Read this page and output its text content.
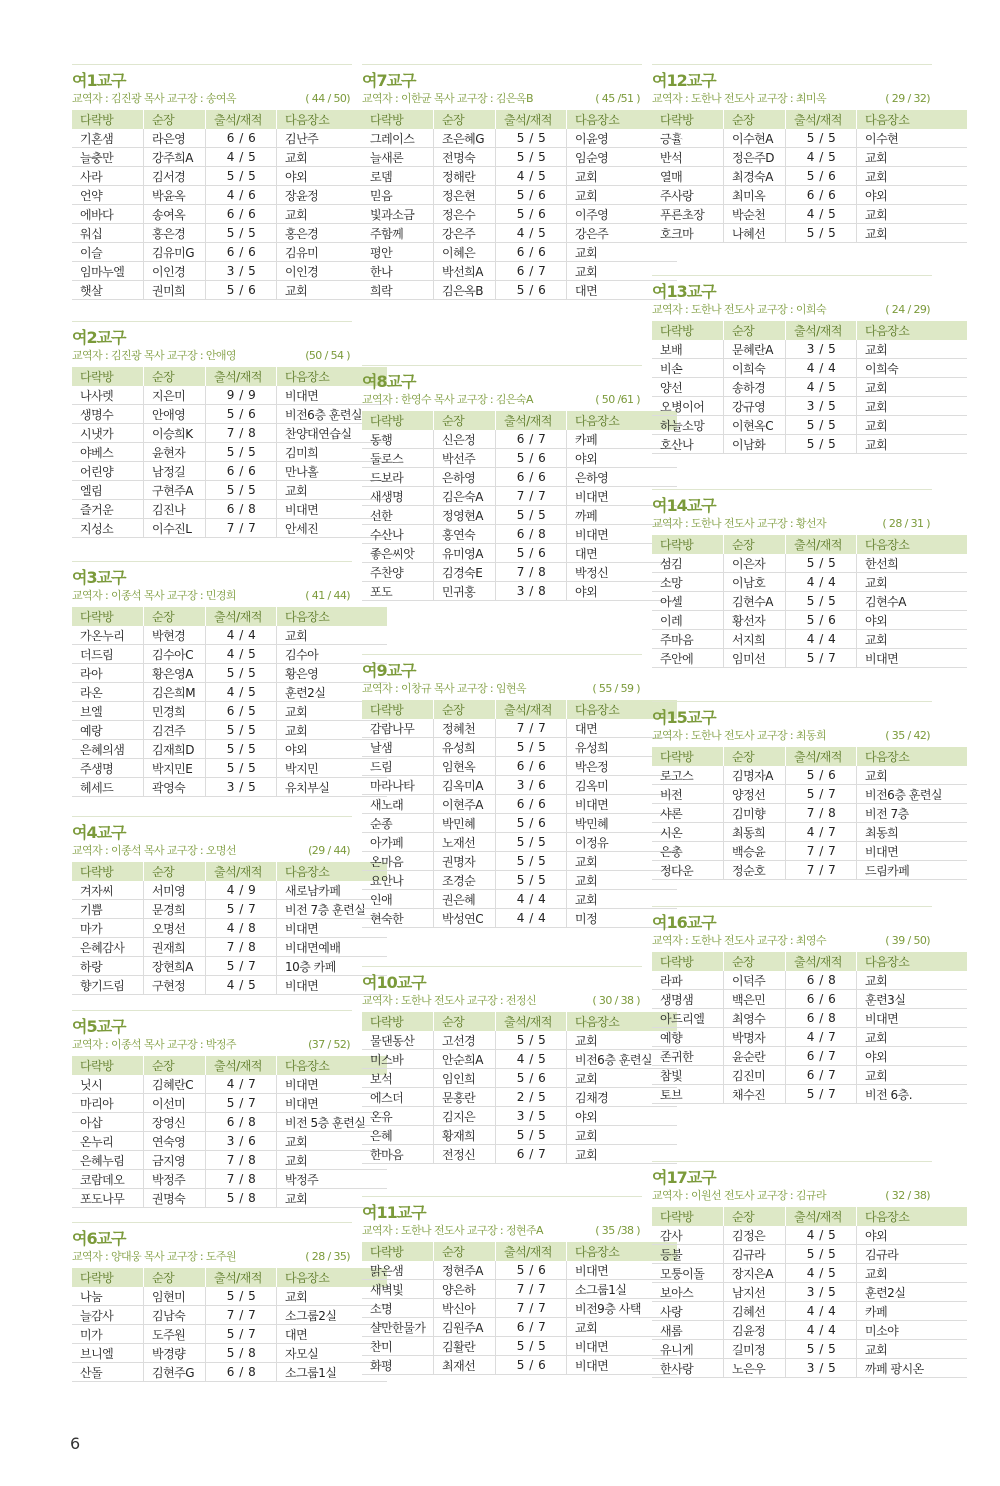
여1교구
교역자 : 김진광 목사 교구장 : 송여옥	( 44 / 50)
다락방	순장	출석/재적	다음장소
기혼샘	라은영	6 / 6	김난주
늘충만	강주희A	4 / 5	교회
사라	김서경	5 / 5	야외
언약	박윤옥	4 / 6	장윤정
에바다	송여옥	6 / 6	교회
워십	홍은경	5 / 5	홍은경
이슬	김유미G	6 / 6	김유미
임마누엘	이인경	3 / 5	이인경
햇살	권미희	5 / 6	교회
여2교구
교역자 : 김진광 목사 교구장 : 안애영	(50 / 54 )
다락방	순장	출석/재적	다음장소
나사렛	지은미	9 / 9	비대면
생명수	안애영	5 / 6	비전6층 훈련실
시냇가	이승희K	7 / 8	찬양대연습실
야베스	윤현자	5 / 5	김미희
어린양	남정길	6 / 6	만나홀
엘림	구현주A	5 / 5	교회
즐거운	김진나	6 / 8	비대면
지성소	이수진L	7 / 7	안세진
여3교구
교역자 : 이종석 목사 교구장 : 민경희	( 41 / 44)
다락방	순장	출석/재적	다음장소
가온누리	박현경	4 / 4	교회
더드림	김수아C	4 / 5	김수아
라아	황은영A	5 / 5	황은영
라온	김은희M	4 / 5	훈련2실
브엘	민경희	6 / 5	교회
예랑	김견주	5 / 5	교회
은혜의샘	김재희D	5 / 5	야외
주생명	박지민E	5 / 5	박지민
헤세드	곽영숙	3 / 5	유치부실
여4교구
교역자 : 이종석 목사 교구장 : 오명선	(29 / 44)
다락방	순장	출석/재적	다음장소
겨자씨	서미영	4 / 9	새로남카페
기쁨	문경희	5 / 7	비전 7층 훈련실
마가	오명선	4 / 8	비대면
은혜감사	권재희	7 / 8	비대면예배
하랑	장현희A	5 / 7	10층 카페
향기드림	구현정	4 / 5	비대면
여5교구
교역자 : 이종석 목사 교구장 : 박정주	(37 / 52)
다락방	순장	출석/재적	다음장소
닛시	김혜란C	4 / 7	비대면
마리아	이선미	5 / 7	비대면
아삽	장영신	6 / 8	비전 5층 훈련실
온누리	연숙영	3 / 6	교회
은혜누림	금지영	7 / 8	교회
코람데오	박정주	7 / 8	박정주
포도나무	권명숙	5 / 8	교회
여6교구
교역자 : 양대웅 목사 교구장 : 도주원	( 28 / 35)
다락방	순장	출석/재적	다음장소
나눔	임현미	5 / 5	교회
늘감사	김남숙	7 / 7	소그룹2실
미가	도주원	5 / 7	대면
브니엘	박경량	5 / 8	자모실
산돌	김현주G	6 / 8	소그룹1실
여7교구
교역자 : 이한균 목사 교구장 : 김은옥B	( 45 /51 )
다락방	순장	출석/재적	다음장소
그레이스	조은혜G	5 / 5	이윤영
늘새론	전명숙	5 / 5	임순영
로뎀	정해란	4 / 5	교회
믿음	정은현	5 / 6	교회
빛과소금	정은수	5 / 6	이주영
주함께	강은주	4 / 5	강은주
평안	이혜은	6 / 6	교회
한나	박선희A	6 / 7	교회
희락	김은옥B	5 / 6	대면
여8교구
교역자 : 한영수 목사 교구장 : 김은숙A	( 50 /61 )
다락방	순장	출석/재적	다음장소
동행	신은정	6 / 7	카페
둘로스	박선주	5 / 6	야외
드보라	은하영	6 / 6	은하영
새생명	김은숙A	7 / 7	비대면
선한	정영현A	5 / 5	까페
수산나	홍연숙	6 / 8	비대면
좋은씨앗	유미영A	5 / 6	대면
주찬양	김경숙E	7 / 8	박정신
포도	민귀홍	3 / 8	야외
여9교구
교역자 : 이창규 목사 교구장 : 임현옥	( 55 / 59 )
다락방	순장	출석/재적	다음장소
감람나무	정혜천	7 / 7	대면
날샘	유성희	5 / 5	유성희
드림	임현옥	6 / 6	박은정
마라나타	김옥미A	3 / 6	김옥미
새노래	이현주A	6 / 6	비대면
순종	박민혜	5 / 6	박민혜
아가페	노재선	5 / 5	이정유
온마음	권명자	5 / 5	교회
요안나	조경순	5 / 5	교회
인애	권은혜	4 / 4	교회
현숙한	박성연C	4 / 4	미정
여10교구
교역자 : 도한나 전도사 교구장 : 전정신	( 30 / 38 )
다락방	순장	출석/재적	다음장소
물댄동산	고선경	5 / 5	교회
미스바	안순희A	4 / 5	비전6층 훈련실
보석	임인희	5 / 6	교회
에스더	문홍란	2 / 5	김채경
온유	김지은	3 / 5	야외
은혜	황재희	5 / 5	교회
한마음	전정신	6 / 7	교회
여11교구
교역자 : 도한나 전도사 교구장 : 정현주A	( 35 /38 )
다락방	순장	출석/재적	다음장소
맑은샘	정현주A	5 / 6	비대면
새벽빛	양은하	7 / 7	소그룹1실
소명	박신아	7 / 7	비전9층 사택
샬만한물가	김원주A	6 / 7	교회
찬미	김활란	5 / 5	비대면
화평	최재선	5 / 6	비대면
여12교구
교역자 : 도한나 전도사 교구장 : 최미옥	( 29 / 32)
다락방	순장	출석/재적	다음장소
긍휼	이수현A	5 / 5	이수현
반석	정은주D	4 / 5	교회
열매	최경숙A	5 / 6	교회
주사랑	최미옥	6 / 6	야외
푸른초장	박순천	4 / 5	교회
호크마	나혜선	5 / 5	교회
여13교구
교역자 : 도한나 전도사 교구장 : 이희숙	( 24 / 29)
다락방	순장	출석/재적	다음장소
보배	문혜란A	3 / 5	교회
비손	이희숙	4 / 4	이희숙
양선	송하경	4 / 5	교회
오병이어	강규영	3 / 5	교회
하늘소망	이현옥C	5 / 5	교회
호산나	이남화	5 / 5	교회
여14교구
교역자 : 도한나 전도사 교구장 : 황선자	( 28 / 31 )
다락방	순장	출석/재적	다음장소
섬김	이은자	5 / 5	한선희
소망	이남호	4 / 4	교회
아셀	김현수A	5 / 5	김현수A
이레	황선자	5 / 6	야외
주마음	서지희	4 / 4	교회
주안에	임미선	5 / 7	비대면
여15교구
교역자 : 도한나 전도사 교구장 : 최동희	( 35 / 42)
다락방	순장	출석/재적	다음장소
로고스	김명자A	5 / 6	교회
비전	양정선	5 / 7	비전6층 훈련실
샤론	김미향	7 / 8	비전 7층
시온	최동희	4 / 7	최동희
은총	백승윤	7 / 7	비대면
정다운	정순호	7 / 7	드림카페
여16교구
교역자 : 도한나 전도사 교구장 : 최영수	( 39 / 50)
다락방	순장	출석/재적	다음장소
라파	이덕주	6 / 8	교회
생명샘	백은민	6 / 6	훈련3실
아드리엘	최영수	6 / 8	비대면
예향	박명자	4 / 7	교회
존귀한	윤순란	6 / 7	야외
참빛	김진미	6 / 7	교회
토브	채수진	5 / 7	비전 6층.
여17교구
교역자 : 이원선 전도사 교구장 : 김규라	( 32 / 38)
다락방	순장	출석/재적	다음장소
감사	김정은	4 / 5	야외
등불	김규라	5 / 5	김규라
모퉁이돌	장지은A	4 / 5	교회
보아스	남지선	3 / 5	훈련2실
사랑	김혜선	4 / 4	카페
새롬	김윤정	4 / 4	미소야
유니게	길미정	5 / 5	교회
한사랑	노은우	3 / 5	까페 팡시온
6
